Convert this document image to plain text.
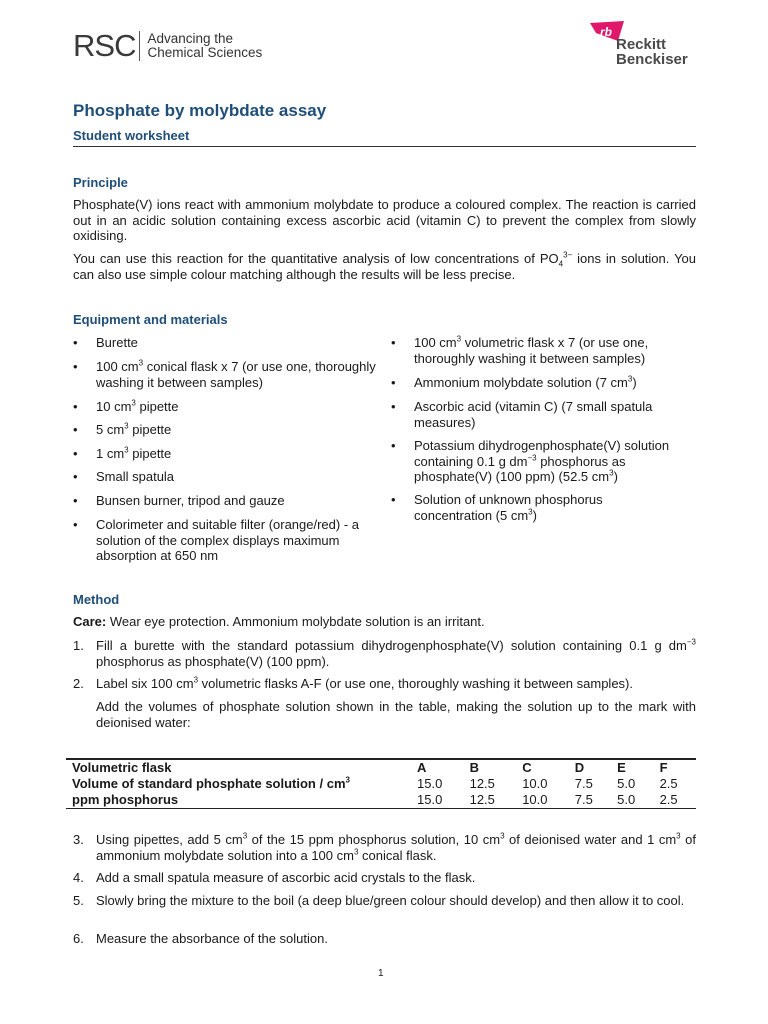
RSC Advancing the
Chemical Sciences
rb
Reckitt
Benckiser
Phosphate by molybdate assay
Student worksheet
Principle
Phosphate(V) ions react with ammonium molybdate to produce a coloured complex. The reaction is carried out in an acidic solution containing excess ascorbic acid (vitamin C) to prevent the complex from slowly oxidising.
You can use this reaction for the quantitative analysis of low concentrations of $PO_4^{3-}$ ions in solution. You can also use simple colour matching although the results will be less precise.
Equipment and materials
• Burette
• 100 $cm^3$ conical flask x 7 (or use one, thoroughly washing it between samples)
• 10 $cm^3$ pipette
• 5 $cm^3$ pipette
• 1 $cm^3$ pipette
• Small spatula
• Bunsen burner, tripod and gauze
• Colorimeter and suitable filter (orange/red) - a solution of the complex displays maximum absorption at 650 nm
• 100 $cm^3$ volumetric flask x 7 (or use one, thoroughly washing it between samples)
• Ammonium molybdate solution (7 $cm^3$)
• Ascorbic acid (vitamin C) (7 small spatula measures)
• Potassium dihydrogenphosphate(V) solution containing 0.1 g $dm^{-3}$ phosphorus as phosphate(V) (100 ppm) (52.5 $cm^3$)
• Solution of unknown phosphorus concentration (5 $cm^3$)
Method
Care: Wear eye protection. Ammonium molybdate solution is an irritant.
1. Fill a burette with the standard potassium dihydrogenphosphate(V) solution containing 0.1 g $dm^{-3}$ phosphorus as phosphate(V) (100 ppm).
2. Label six 100 $cm^3$ volumetric flasks A-F (or use one, thoroughly washing it between samples).
Add the volumes of phosphate solution shown in the table, making the solution up to the mark with deionised water:
Volumetric flask	A	B	C	D	E	F
Volume of standard phosphate solution / $cm^3$	15.0	12.5	10.0	7.5	5.0	2.5
ppm phosphorus	15.0	12.5	10.0	7.5	5.0	2.5
3. Using pipettes, add 5 $cm^3$ of the 15 ppm phosphorus solution, 10 $cm^3$ of deionised water and 1 $cm^3$ of ammonium molybdate solution into a 100 $cm^3$ conical flask.
4. Add a small spatula measure of ascorbic acid crystals to the flask.
5. Slowly bring the mixture to the boil (a deep blue/green colour should develop) and then allow it to cool.
6. Measure the absorbance of the solution.
1
